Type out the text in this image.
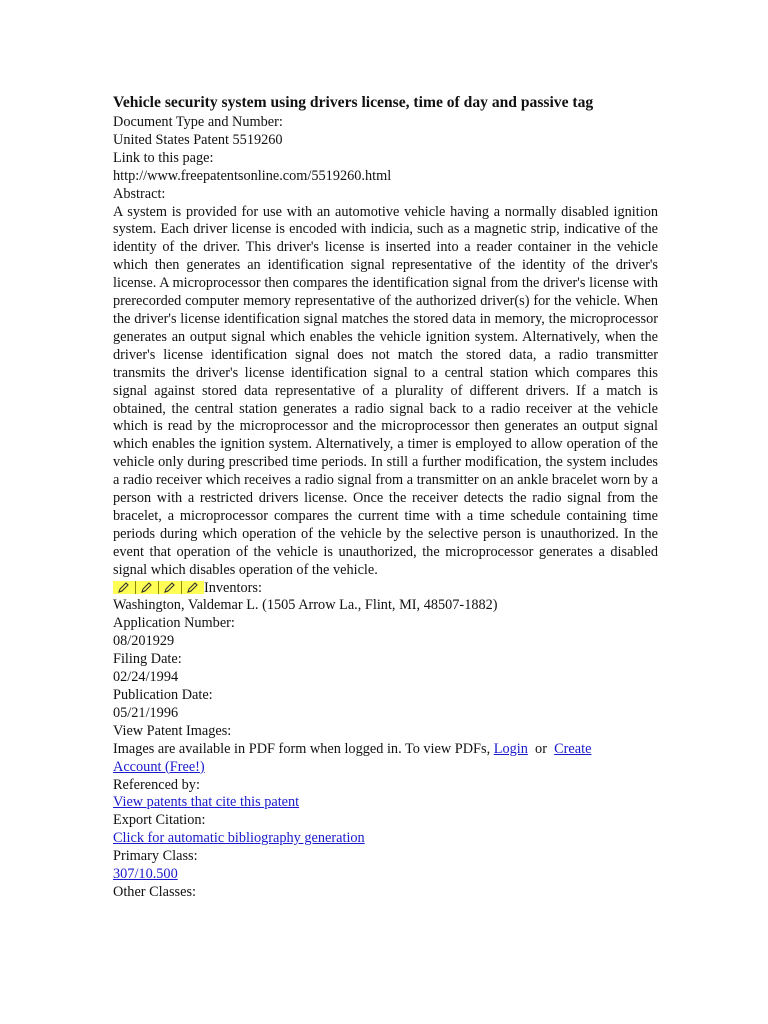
Vehicle security system using drivers license, time of day and passive tag
Document Type and Number:
United States Patent 5519260
Link to this page:
http://www.freepatentsonline.com/5519260.html
Abstract:
A system is provided for use with an automotive vehicle having a normally disabled ignition system. Each driver license is encoded with indicia, such as a magnetic strip, indicative of the identity of the driver. This driver's license is inserted into a reader container in the vehicle which then generates an identification signal representative of the identity of the driver's license. A microprocessor then compares the identification signal from the driver's license with prerecorded computer memory representative of the authorized driver(s) for the vehicle. When the driver's license identification signal matches the stored data in memory, the microprocessor generates an output signal which enables the vehicle ignition system. Alternatively, when the driver's license identification signal does not match the stored data, a radio transmitter transmits the driver's license identification signal to a central station which compares this signal against stored data representative of a plurality of different drivers. If a match is obtained, the central station generates a radio signal back to a radio receiver at the vehicle which is read by the microprocessor and the microprocessor then generates an output signal which enables the ignition system. Alternatively, a timer is employed to allow operation of the vehicle only during prescribed time periods. In still a further modification, the system includes a radio receiver which receives a radio signal from a transmitter on an ankle bracelet worn by a person with a restricted drivers license. Once the receiver detects the radio signal from the bracelet, a microprocessor compares the current time with a time schedule containing time periods during which operation of the vehicle by the selective person is unauthorized. In the event that operation of the vehicle is unauthorized, the microprocessor generates a disabled signal which disables operation of the vehicle.
Inventors:
Washington, Valdemar L. (1505 Arrow La., Flint, MI, 48507-1882)
Application Number:
08/201929
Filing Date:
02/24/1994
Publication Date:
05/21/1996
View Patent Images:
Images are available in PDF form when logged in. To view PDFs, Login or Create
Account (Free!)
Referenced by:
View patents that cite this patent
Export Citation:
Click for automatic bibliography generation
Primary Class:
307/10.500
Other Classes:
